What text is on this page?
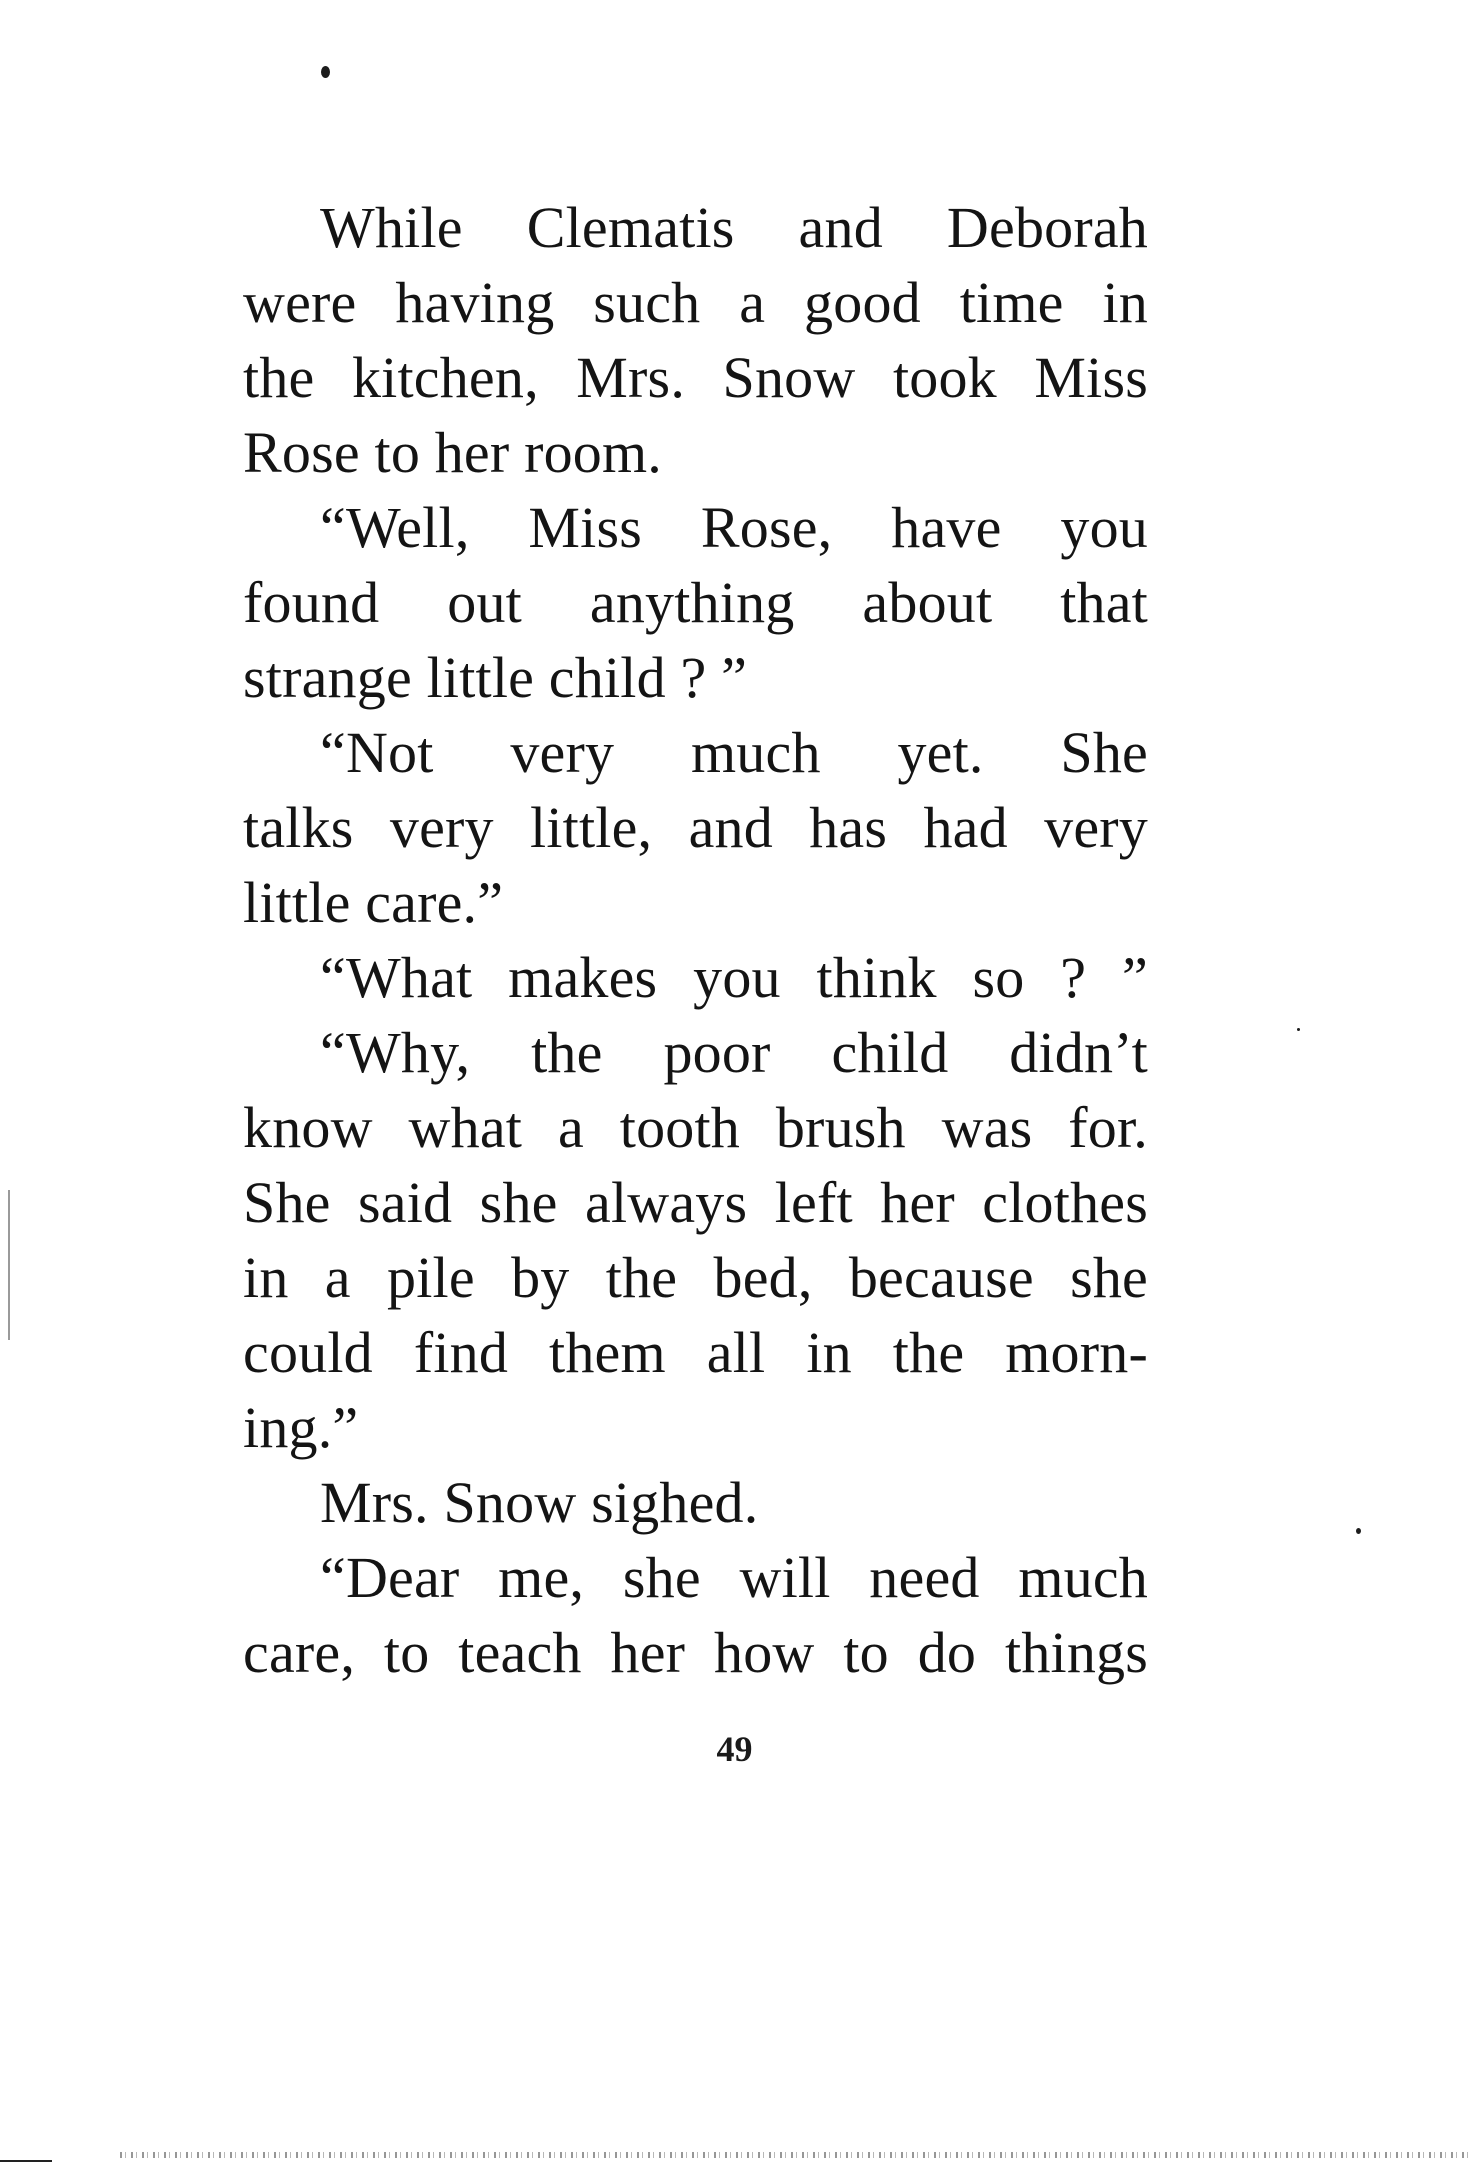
While Clematis and Deborah
were having such a good time in
the kitchen, Mrs. Snow took Miss
Rose to her room.
“Well, Miss Rose, have you
found out anything about that
strange little child ? ”
“Not very much yet. She
talks very little, and has had very
little care.”
“What makes you think so ? ”
“Why, the poor child didn’t
know what a tooth brush was for.
She said she always left her clothes
in a pile by the bed, because she
could find them all in the morn-
ing.”
Mrs. Snow sighed.
“Dear me, she will need much
care, to teach her how to do things
49
